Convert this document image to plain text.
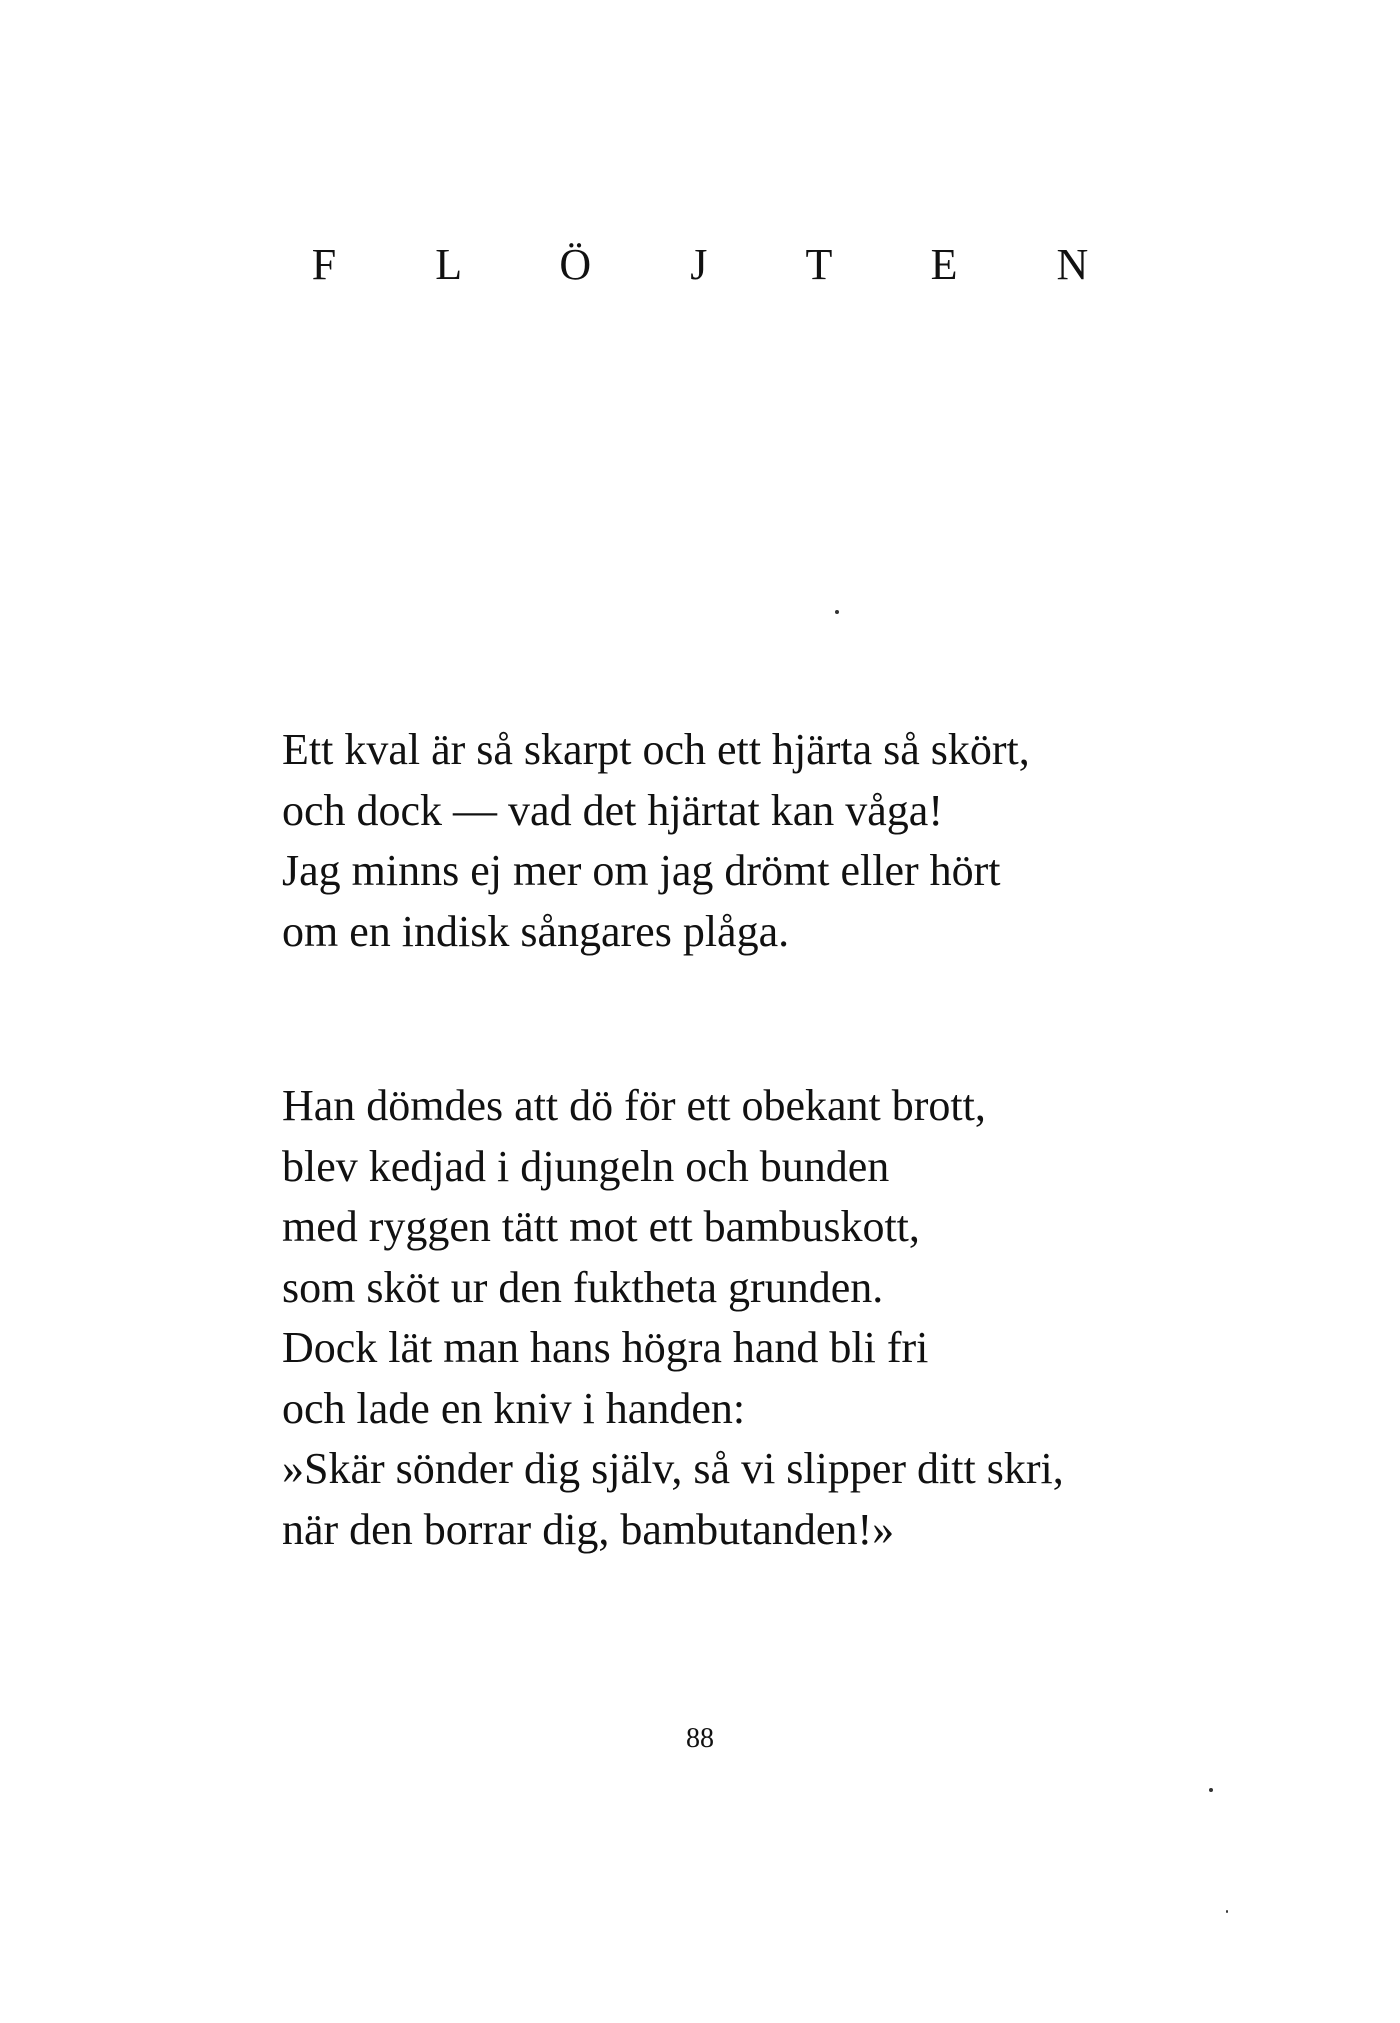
F L Ö J T E N
Ett kval är så skarpt och ett hjärta så skört,
och dock — vad det hjärtat kan våga!
Jag minns ej mer om jag drömt eller hört
om en indisk sångares plåga.
Han dömdes att dö för ett obekant brott,
blev kedjad i djungeln och bunden
med ryggen tätt mot ett bambuskott,
som sköt ur den fuktheta grunden.
Dock lät man hans högra hand bli fri
och lade en kniv i handen:
»Skär sönder dig själv, så vi slipper ditt skri,
när den borrar dig, bambutanden!»
88
